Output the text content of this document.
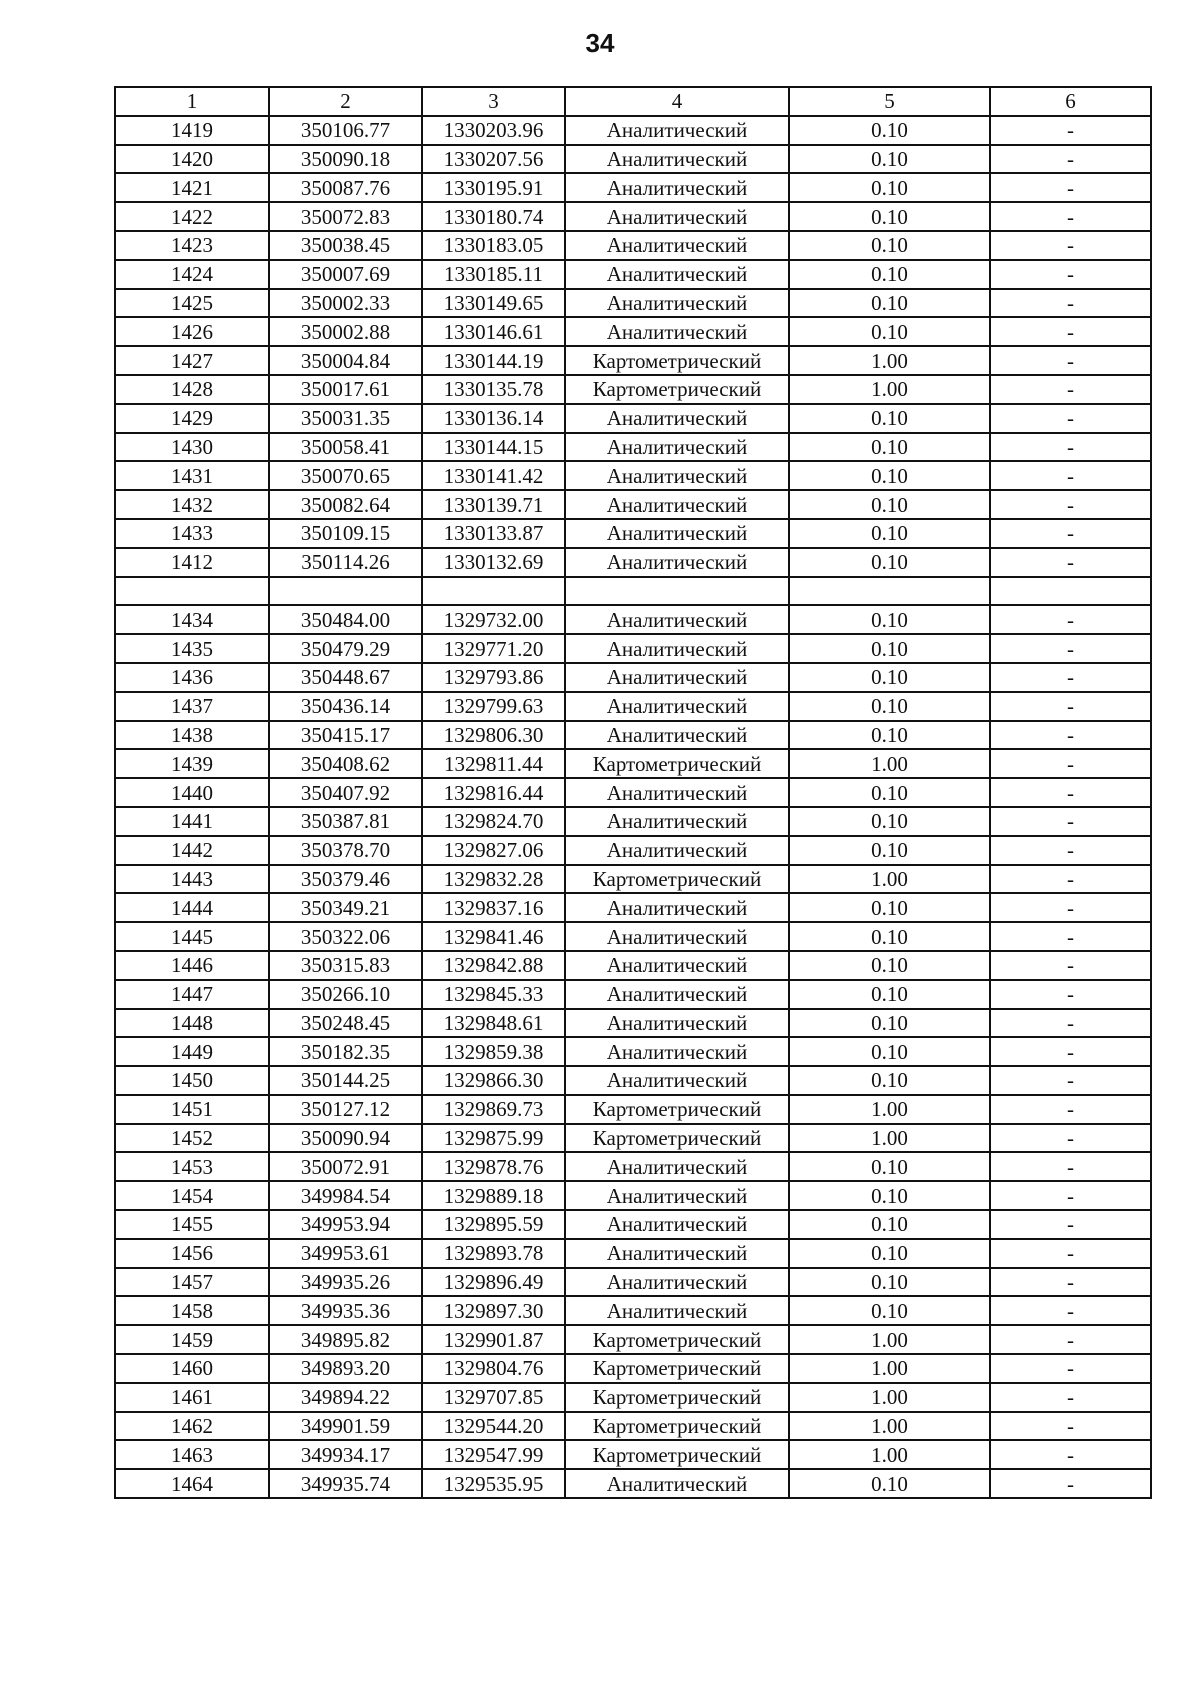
34
1	2	3	4	5	6
1419	350106.77	1330203.96	Аналитический	0.10	-
1420	350090.18	1330207.56	Аналитический	0.10	-
1421	350087.76	1330195.91	Аналитический	0.10	-
1422	350072.83	1330180.74	Аналитический	0.10	-
1423	350038.45	1330183.05	Аналитический	0.10	-
1424	350007.69	1330185.11	Аналитический	0.10	-
1425	350002.33	1330149.65	Аналитический	0.10	-
1426	350002.88	1330146.61	Аналитический	0.10	-
1427	350004.84	1330144.19	Картометрический	1.00	-
1428	350017.61	1330135.78	Картометрический	1.00	-
1429	350031.35	1330136.14	Аналитический	0.10	-
1430	350058.41	1330144.15	Аналитический	0.10	-
1431	350070.65	1330141.42	Аналитический	0.10	-
1432	350082.64	1330139.71	Аналитический	0.10	-
1433	350109.15	1330133.87	Аналитический	0.10	-
1412	350114.26	1330132.69	Аналитический	0.10	-

1434	350484.00	1329732.00	Аналитический	0.10	-
1435	350479.29	1329771.20	Аналитический	0.10	-
1436	350448.67	1329793.86	Аналитический	0.10	-
1437	350436.14	1329799.63	Аналитический	0.10	-
1438	350415.17	1329806.30	Аналитический	0.10	-
1439	350408.62	1329811.44	Картометрический	1.00	-
1440	350407.92	1329816.44	Аналитический	0.10	-
1441	350387.81	1329824.70	Аналитический	0.10	-
1442	350378.70	1329827.06	Аналитический	0.10	-
1443	350379.46	1329832.28	Картометрический	1.00	-
1444	350349.21	1329837.16	Аналитический	0.10	-
1445	350322.06	1329841.46	Аналитический	0.10	-
1446	350315.83	1329842.88	Аналитический	0.10	-
1447	350266.10	1329845.33	Аналитический	0.10	-
1448	350248.45	1329848.61	Аналитический	0.10	-
1449	350182.35	1329859.38	Аналитический	0.10	-
1450	350144.25	1329866.30	Аналитический	0.10	-
1451	350127.12	1329869.73	Картометрический	1.00	-
1452	350090.94	1329875.99	Картометрический	1.00	-
1453	350072.91	1329878.76	Аналитический	0.10	-
1454	349984.54	1329889.18	Аналитический	0.10	-
1455	349953.94	1329895.59	Аналитический	0.10	-
1456	349953.61	1329893.78	Аналитический	0.10	-
1457	349935.26	1329896.49	Аналитический	0.10	-
1458	349935.36	1329897.30	Аналитический	0.10	-
1459	349895.82	1329901.87	Картометрический	1.00	-
1460	349893.20	1329804.76	Картометрический	1.00	-
1461	349894.22	1329707.85	Картометрический	1.00	-
1462	349901.59	1329544.20	Картометрический	1.00	-
1463	349934.17	1329547.99	Картометрический	1.00	-
1464	349935.74	1329535.95	Аналитический	0.10	-
